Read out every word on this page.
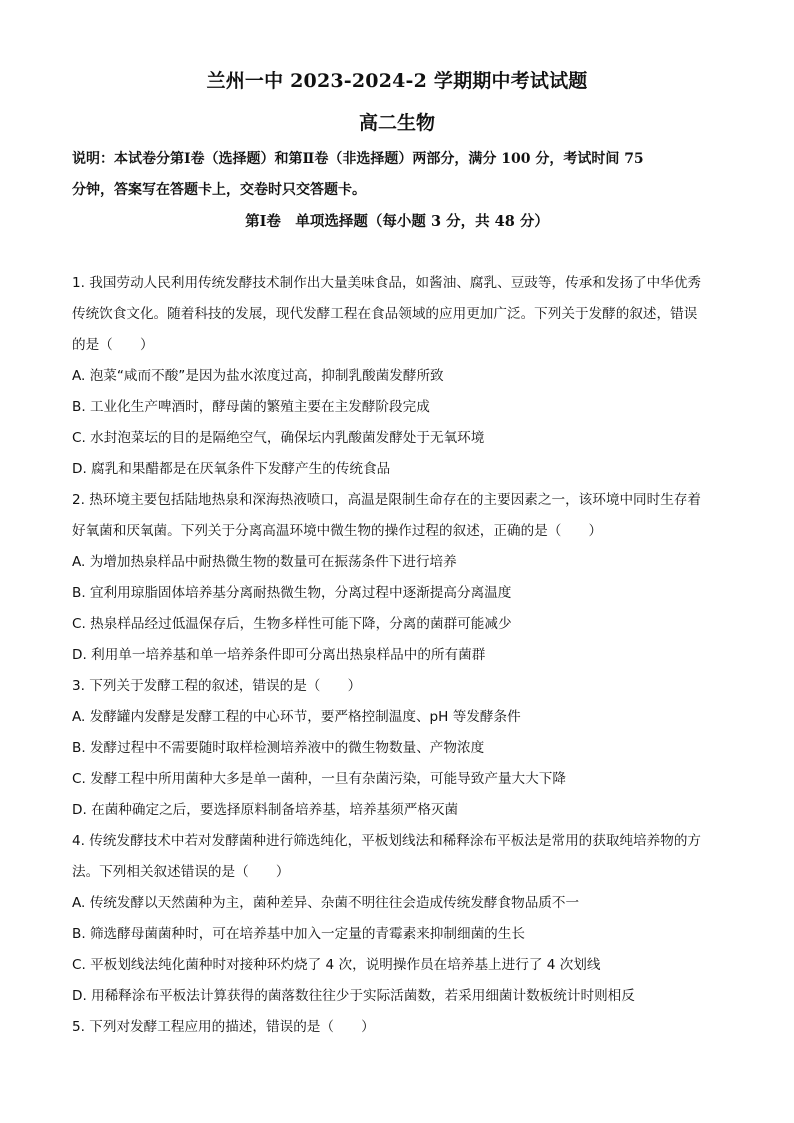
兰州一中 2023-2024-2 学期期中考试试题
高二生物
说明：本试卷分第Ⅰ卷（选择题）和第Ⅱ卷（非选择题）两部分，满分 100 分，考试时间 75
分钟，答案写在答题卡上，交卷时只交答题卡。
第Ⅰ卷　单项选择题（每小题 3 分，共 48 分）
1. 我国劳动人民利用传统发酵技术制作出大量美味食品，如酱油、腐乳、豆豉等，传承和发扬了中华优秀
传统饮食文化。随着科技的发展，现代发酵工程在食品领域的应用更加广泛。下列关于发酵的叙述，错误
的是（　　）
A. 泡菜“咸而不酸”是因为盐水浓度过高，抑制乳酸菌发酵所致
B. 工业化生产啤酒时，酵母菌的繁殖主要在主发酵阶段完成
C. 水封泡菜坛的目的是隔绝空气，确保坛内乳酸菌发酵处于无氧环境
D. 腐乳和果醋都是在厌氧条件下发酵产生的传统食品
2. 热环境主要包括陆地热泉和深海热液喷口，高温是限制生命存在的主要因素之一，该环境中同时生存着
好氧菌和厌氧菌。下列关于分离高温环境中微生物的操作过程的叙述，正确的是（　　）
A. 为增加热泉样品中耐热微生物的数量可在振荡条件下进行培养
B. 宜利用琼脂固体培养基分离耐热微生物，分离过程中逐渐提高分离温度
C. 热泉样品经过低温保存后，生物多样性可能下降，分离的菌群可能减少
D. 利用单一培养基和单一培养条件即可分离出热泉样品中的所有菌群
3. 下列关于发酵工程的叙述，错误的是（　　）
A. 发酵罐内发酵是发酵工程的中心环节，要严格控制温度、pH 等发酵条件
B. 发酵过程中不需要随时取样检测培养液中的微生物数量、产物浓度
C. 发酵工程中所用菌种大多是单一菌种，一旦有杂菌污染，可能导致产量大大下降
D. 在菌种确定之后，要选择原料制备培养基，培养基须严格灭菌
4. 传统发酵技术中若对发酵菌种进行筛选纯化，平板划线法和稀释涂布平板法是常用的获取纯培养物的方
法。下列相关叙述错误的是（　　）
A. 传统发酵以天然菌种为主，菌种差异、杂菌不明往往会造成传统发酵食物品质不一
B. 筛选酵母菌菌种时，可在培养基中加入一定量的青霉素来抑制细菌的生长
C. 平板划线法纯化菌种时对接种环灼烧了 4 次，说明操作员在培养基上进行了 4 次划线
D. 用稀释涂布平板法计算获得的菌落数往往少于实际活菌数，若采用细菌计数板统计时则相反
5. 下列对发酵工程应用的描述，错误的是（　　）
